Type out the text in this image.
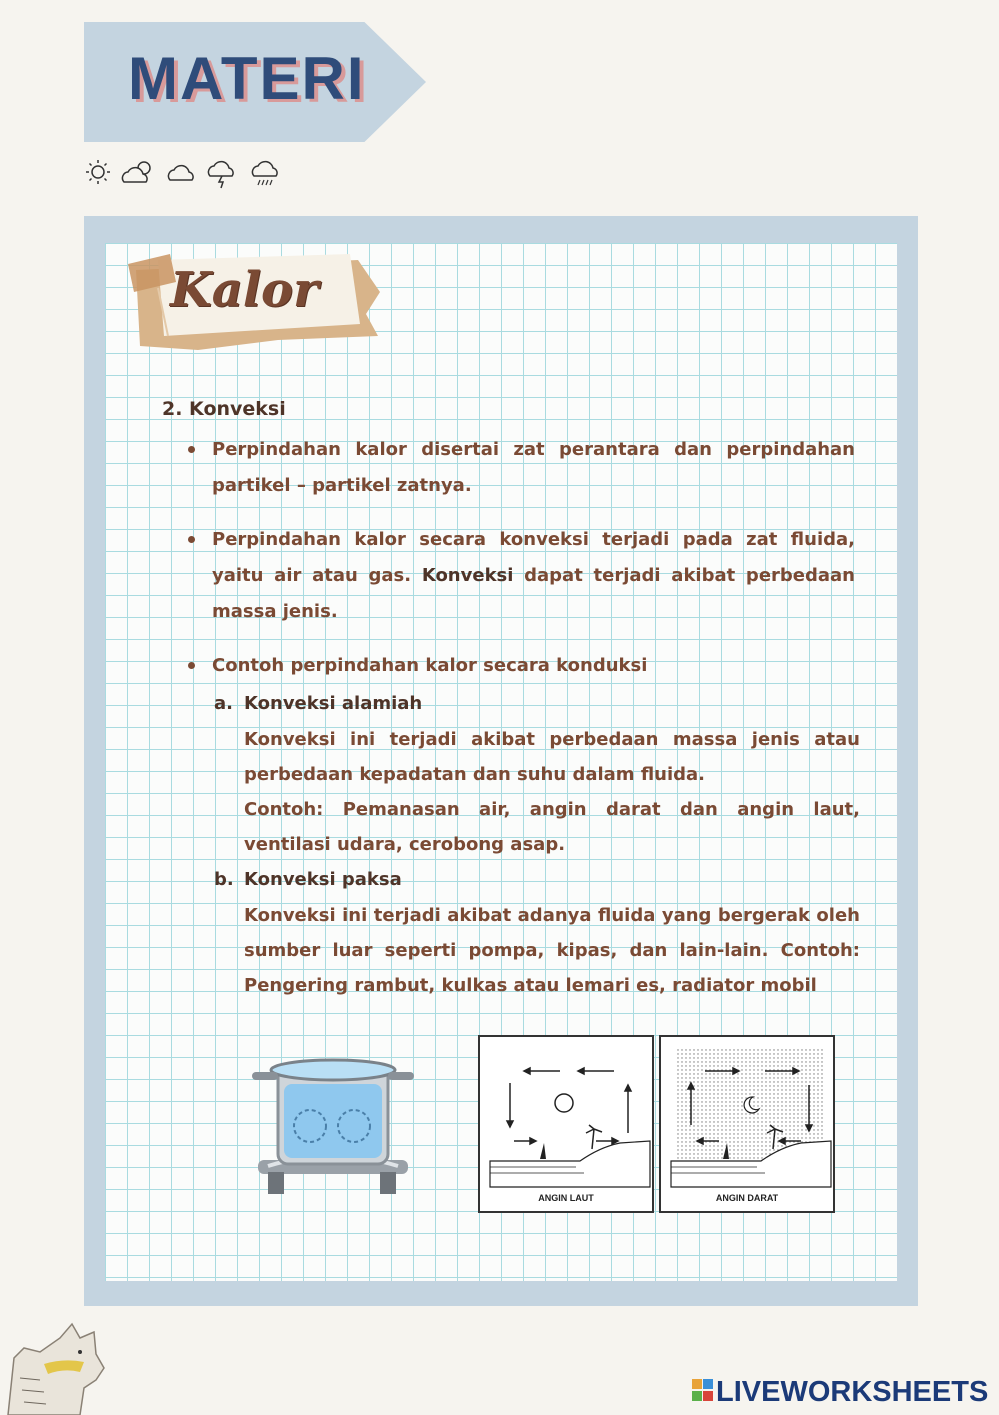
MATERI
Kalor
2. Konveksi
Perpindahan kalor disertai zat perantara dan perpindahan partikel – partikel zatnya.
Perpindahan kalor secara konveksi terjadi pada zat fluida, yaitu air atau gas. Konveksi dapat terjadi akibat perbedaan massa jenis.
Contoh perpindahan kalor secara konduksi
a. Konveksi alamiah
Konveksi ini terjadi akibat perbedaan massa jenis atau perbedaan kepadatan dan suhu dalam fluida.
Contoh: Pemanasan air, angin darat dan angin laut, ventilasi udara, cerobong asap.
b. Konveksi paksa
Konveksi ini terjadi akibat adanya fluida yang bergerak oleh sumber luar seperti pompa, kipas, dan lain-lain. Contoh: Pengering rambut, kulkas atau lemari es, radiator mobil
ANGIN LAUT	ANGIN DARAT
LIVEWORKSHEETS
